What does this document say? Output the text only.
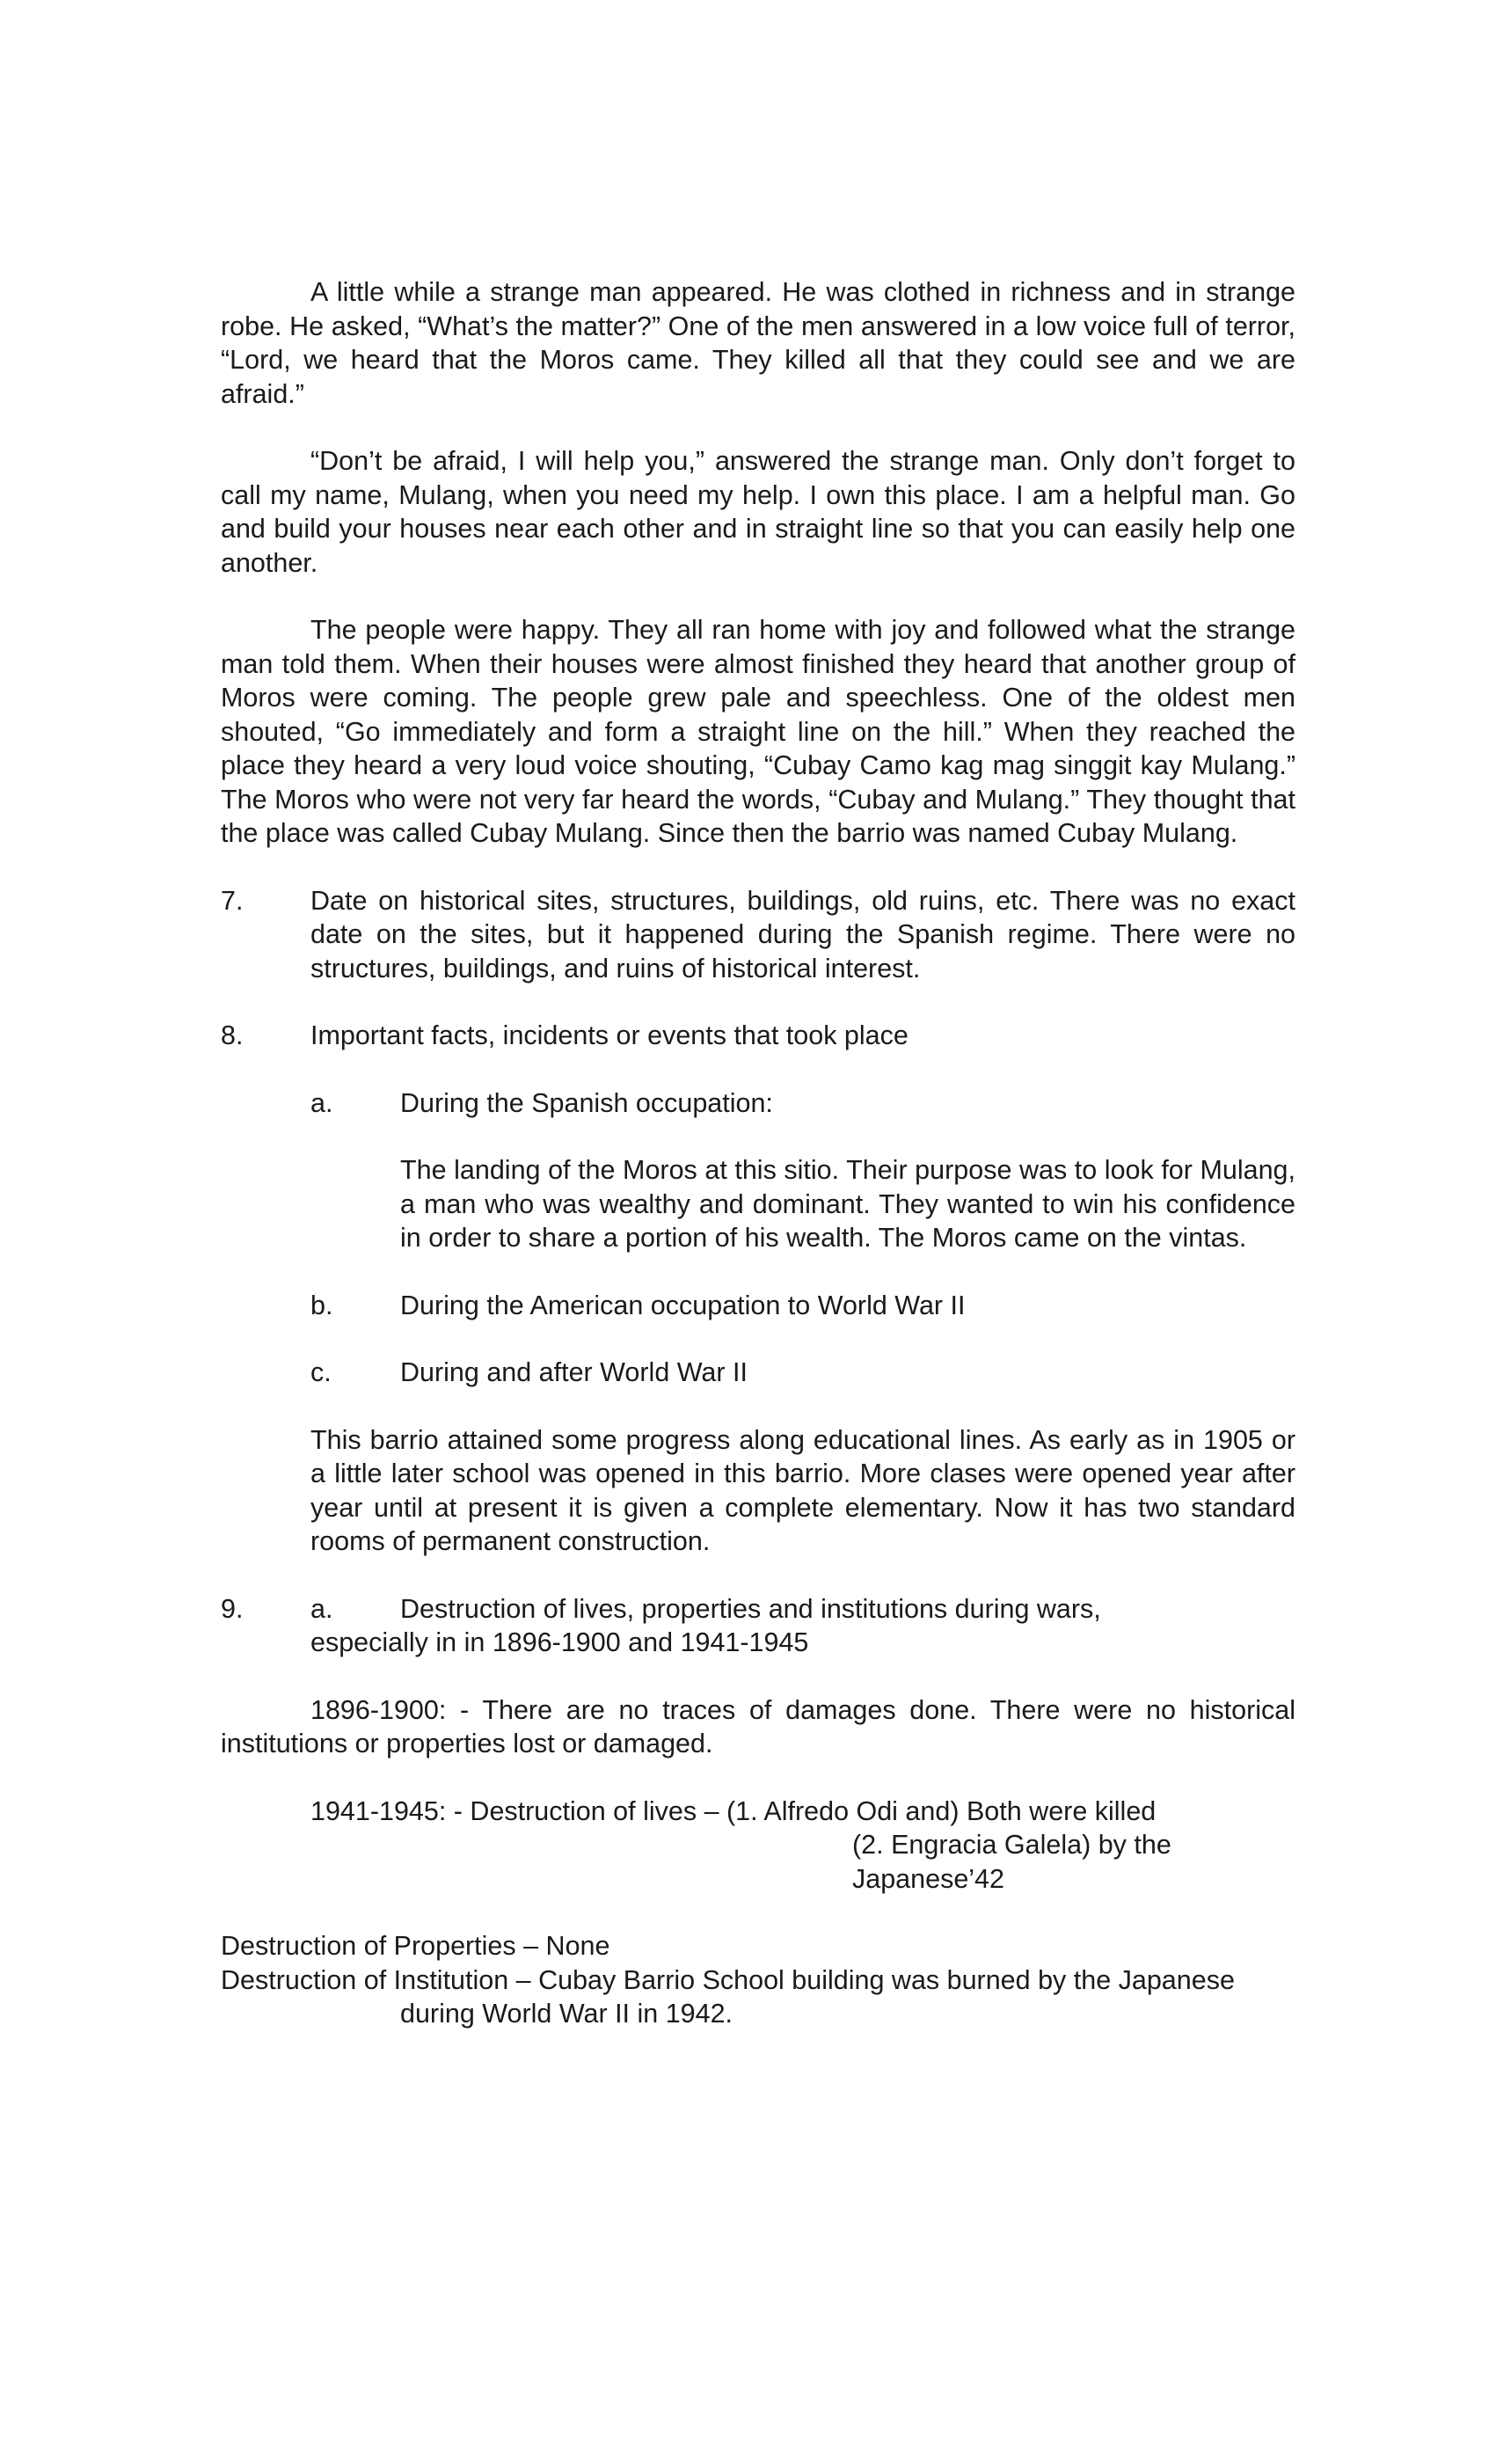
A little while a strange man appeared. He was clothed in richness and in strange robe. He asked, “What’s the matter?” One of the men answered in a low voice full of terror, “Lord, we heard that the Moros came. They killed all that they could see and we are afraid.”

“Don’t be afraid, I will help you,” answered the strange man. Only don’t forget to call my name, Mulang, when you need my help. I own this place. I am a helpful man. Go and build your houses near each other and in straight line so that you can easily help one another.

The people were happy. They all ran home with joy and followed what the strange man told them. When their houses were almost finished they heard that another group of Moros were coming. The people grew pale and speechless. One of the oldest men shouted, “Go immediately and form a straight line on the hill.” When they reached the place they heard a very loud voice shouting, “Cubay Camo kag mag singgit kay Mulang.” The Moros who were not very far heard the words, “Cubay and Mulang.” They thought that the place was called Cubay Mulang. Since then the barrio was named Cubay Mulang.

7.	Date on historical sites, structures, buildings, old ruins, etc. There was no exact date on the sites, but it happened during the Spanish regime. There were no structures, buildings, and ruins of historical interest.
8.	Important facts, incidents or events that took place
a.	During the Spanish occupation:

The landing of the Moros at this sitio. Their purpose was to look for Mulang, a man who was wealthy and dominant. They wanted to win his confidence in order to share a portion of his wealth. The Moros came on the vintas.

b.	During the American occupation to World War II
c.	During and after World War II

This barrio attained some progress along educational lines. As early as in 1905 or a little later school was opened in this barrio. More clases were opened year after year until at present it is given a complete elementary. Now it has two standard rooms of permanent construction.

9.	a.	Destruction of lives, properties and institutions during wars,

especially in in 1896-1900 and 1941-1945

1896-1900: - There are no traces of damages done. There were no historical institutions or properties lost or damaged.

1941-1945: - Destruction of lives – (1. Alfredo Odi and) Both were killed

(2. Engracia Galela) by the Japanese’42

Destruction of Properties – None

Destruction of Institution – Cubay Barrio School building was burned by the Japanese during World War II in 1942.
